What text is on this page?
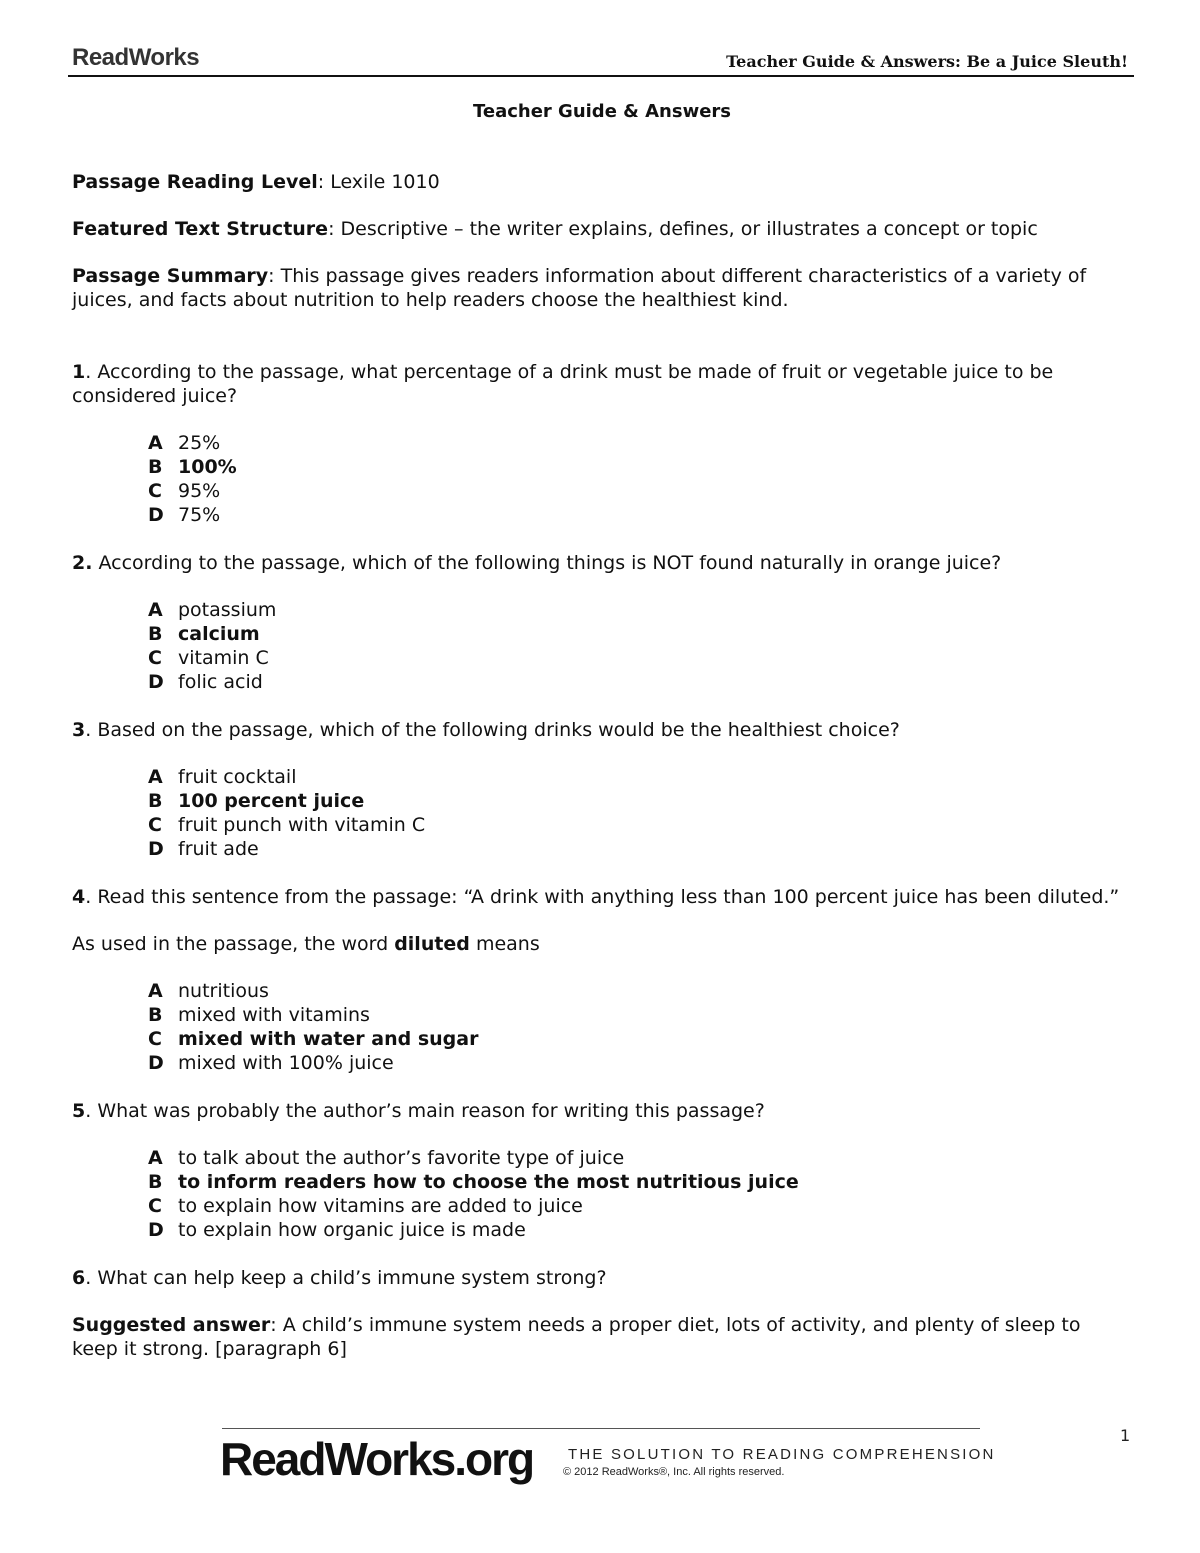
ReadWorks	Teacher Guide & Answers: Be a Juice Sleuth!
Teacher Guide & Answers

Passage Reading Level: Lexile 1010

Featured Text Structure: Descriptive – the writer explains, defines, or illustrates a concept or topic

Passage Summary: This passage gives readers information about different characteristics of a variety of juices, and facts about nutrition to help readers choose the healthiest kind.

1. According to the passage, what percentage of a drink must be made of fruit or vegetable juice to be considered juice?

A 25%
B 100%
C 95%
D 75%

2. According to the passage, which of the following things is NOT found naturally in orange juice?

A potassium
B calcium
C vitamin C
D folic acid

3. Based on the passage, which of the following drinks would be the healthiest choice?

A fruit cocktail
B 100 percent juice
C fruit punch with vitamin C
D fruit ade

4. Read this sentence from the passage: “A drink with anything less than 100 percent juice has been diluted.”

As used in the passage, the word diluted means

A nutritious
B mixed with vitamins
C mixed with water and sugar
D mixed with 100% juice

5. What was probably the author’s main reason for writing this passage?

A to talk about the author’s favorite type of juice
B to inform readers how to choose the most nutritious juice
C to explain how vitamins are added to juice
D to explain how organic juice is made

6. What can help keep a child’s immune system strong?

Suggested answer: A child’s immune system needs a proper diet, lots of activity, and plenty of sleep to keep it strong. [paragraph 6]

ReadWorks.org THE SOLUTION TO READING COMPREHENSION
© 2012 ReadWorks®, Inc. All rights reserved.
1
